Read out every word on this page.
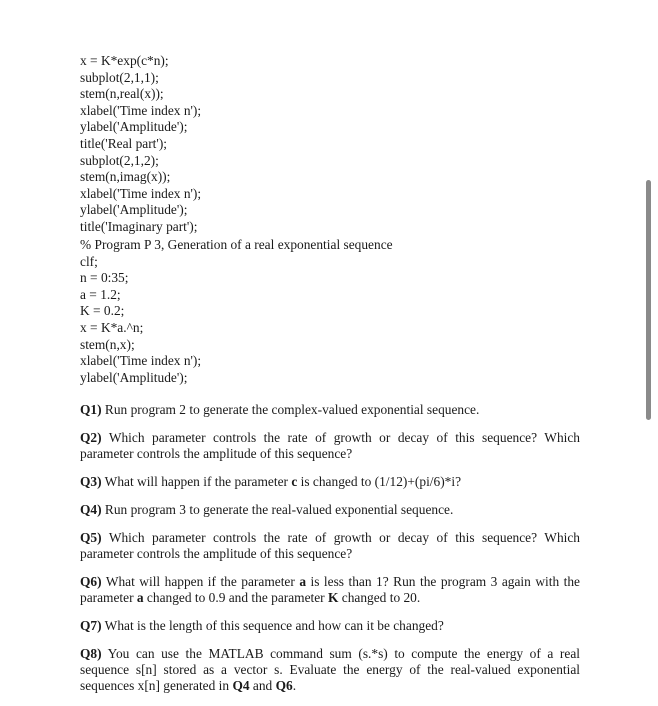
x = K*exp(c*n);
subplot(2,1,1);
stem(n,real(x));
xlabel('Time index n');
ylabel('Amplitude');
title('Real part');
subplot(2,1,2);
stem(n,imag(x));
xlabel('Time index n');
ylabel('Amplitude');
title('Imaginary part');
% Program P 3, Generation of a real exponential sequence
clf;
n = 0:35;
a = 1.2;
K = 0.2;
x = K*a.^n;
stem(n,x);
xlabel('Time index n');
ylabel('Amplitude');

Q1) Run program 2 to generate the complex-valued exponential sequence.

Q2) Which parameter controls the rate of growth or decay of this sequence? Which parameter controls the amplitude of this sequence?

Q3) What will happen if the parameter c is changed to (1/12)+(pi/6)*i?

Q4) Run program 3 to generate the real-valued exponential sequence.

Q5) Which parameter controls the rate of growth or decay of this sequence? Which parameter controls the amplitude of this sequence?

Q6) What will happen if the parameter a is less than 1? Run the program 3 again with the parameter a changed to 0.9 and the parameter K changed to 20.

Q7) What is the length of this sequence and how can it be changed?

Q8) You can use the MATLAB command sum (s.*s) to compute the energy of a real sequence s[n] stored as a vector s. Evaluate the energy of the real-valued exponential sequences x[n] generated in Q4 and Q6.
